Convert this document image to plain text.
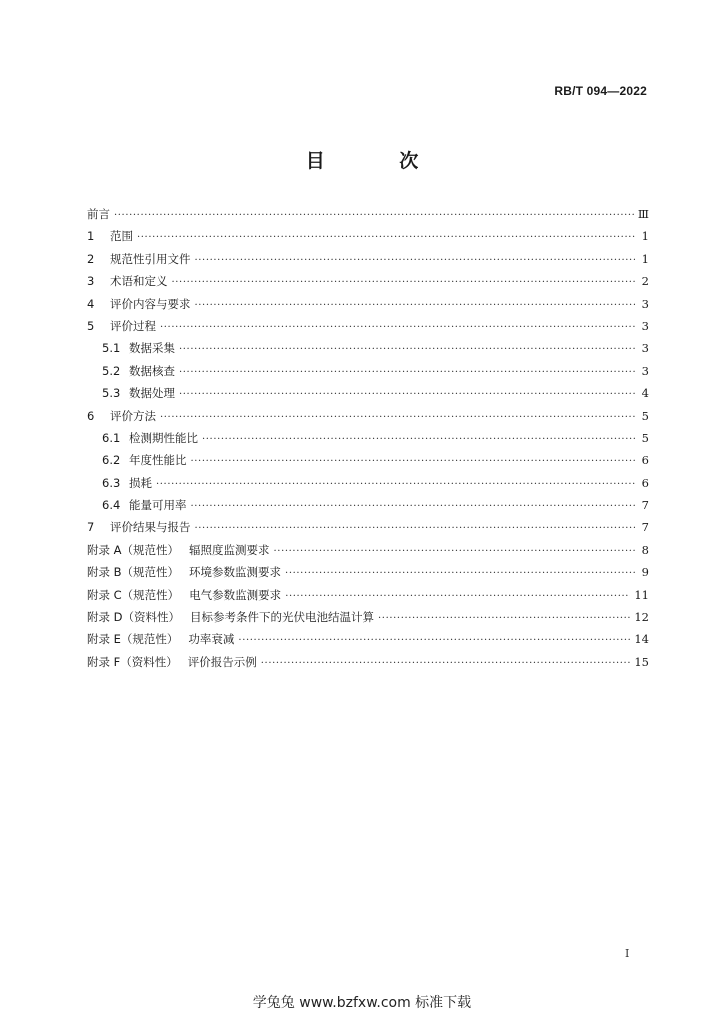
RB/T 094—2022
目 次
前言 ·····	Ⅲ
1	范围 ·····	1
2	规范性引用文件 ·····	1
3	术语和定义 ·····	2
4	评价内容与要求 ·····	3
5	评价过程 ·····	3
5.1 数据采集 ·····	3
5.2 数据核查 ·····	3
5.3 数据处理 ·····	4
6	评价方法 ·····	5
6.1 检测期性能比 ·····	5
6.2 年度性能比 ·····	6
6.3 损耗 ·····	6
6.4 能量可用率 ·····	7
7	评价结果与报告 ·····	7
附录 A（规范性） 辐照度监测要求 ·····	8
附录 B（规范性） 环境参数监测要求 ·····	9
附录 C（规范性） 电气参数监测要求 ·····	11
附录 D（资料性） 目标参考条件下的光伏电池结温计算 ·····	12
附录 E（规范性） 功率衰减 ·····	14
附录 F（资料性） 评价报告示例 ·····	15
I
学兔兔 www.bzfxw.com 标准下载
